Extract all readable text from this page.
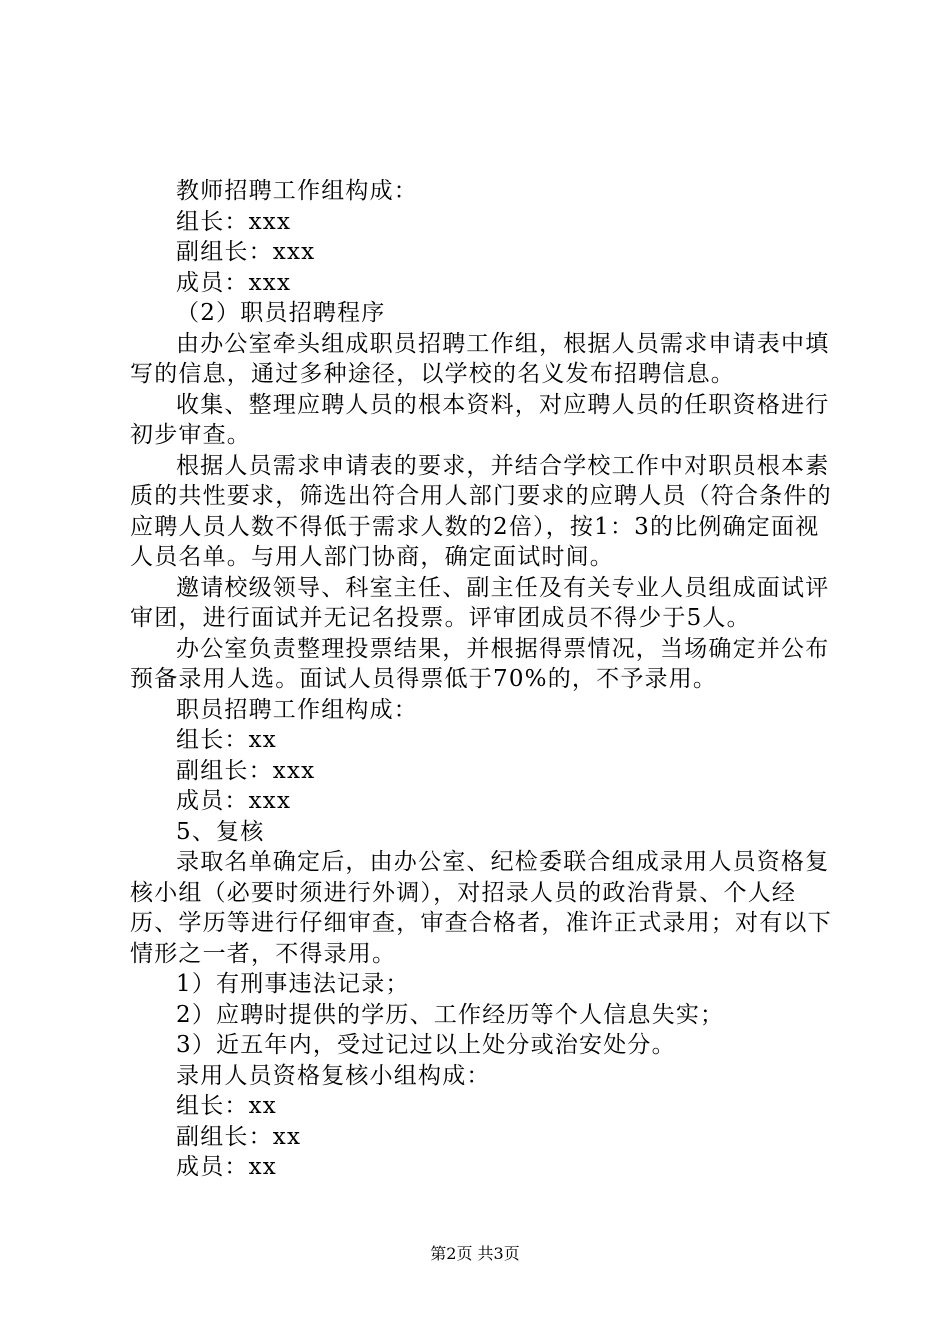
教师招聘工作组构成：

组长：xxx

副组长：xxx

成员：xxx

（2）职员招聘程序

由办公室牵头组成职员招聘工作组，根据人员需求申请表中填写的信息，通过多种途径，以学校的名义发布招聘信息。

收集、整理应聘人员的根本资料，对应聘人员的任职资格进行初步审查。

根据人员需求申请表的要求，并结合学校工作中对职员根本素质的共性要求，筛选出符合用人部门要求的应聘人员（符合条件的应聘人员人数不得低于需求人数的2倍），按1：3的比例确定面视人员名单。与用人部门协商，确定面试时间。

邀请校级领导、科室主任、副主任及有关专业人员组成面试评审团，进行面试并无记名投票。评审团成员不得少于5人。

办公室负责整理投票结果，并根据得票情况，当场确定并公布预备录用人选。面试人员得票低于70%的，不予录用。

职员招聘工作组构成：

组长：xx

副组长：xxx

成员：xxx

5、复核

录取名单确定后，由办公室、纪检委联合组成录用人员资格复核小组（必要时须进行外调），对招录人员的政治背景、个人经历、学历等进行仔细审查，审查合格者，准许正式录用；对有以下情形之一者，不得录用。

1）有刑事违法记录；

2）应聘时提供的学历、工作经历等个人信息失实；

3）近五年内，受过记过以上处分或治安处分。

录用人员资格复核小组构成：

组长：xx

副组长：xx

成员：xx

第2页 共3页
